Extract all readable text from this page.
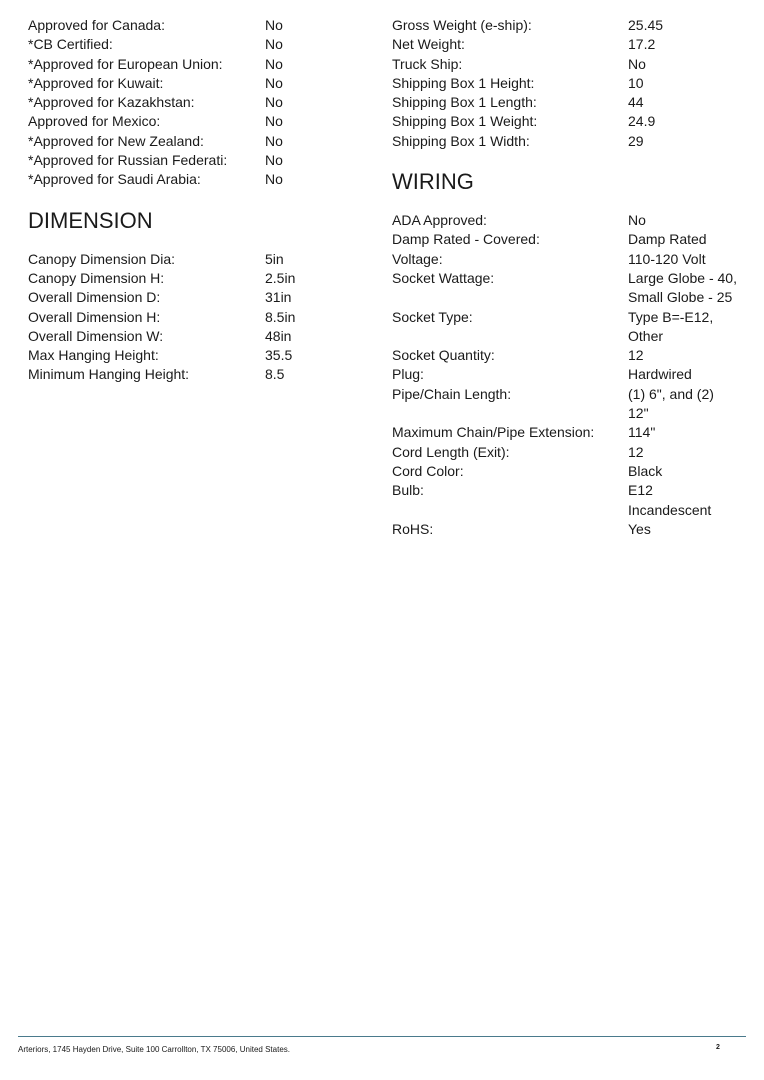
Approved for Canada:	No
*CB Certified:	No
*Approved for European Union:	No
*Approved for Kuwait:	No
*Approved for Kazakhstan:	No
Approved for Mexico:	No
*Approved for New Zealand:	No
*Approved for Russian Federati:	No
*Approved for Saudi Arabia:	No
DIMENSION
Canopy Dimension Dia:	5in
Canopy Dimension H:	2.5in
Overall Dimension D:	31in
Overall Dimension H:	8.5in
Overall Dimension W:	48in
Max Hanging Height:	35.5
Minimum Hanging Height:	8.5
Gross Weight (e-ship):	25.45
Net Weight:	17.2
Truck Ship:	No
Shipping Box 1 Height:	10
Shipping Box 1 Length:	44
Shipping Box 1 Weight:	24.9
Shipping Box 1 Width:	29
WIRING
ADA Approved:	No
Damp Rated - Covered:	Damp Rated
Voltage:	110-120 Volt
Socket Wattage:	Large Globe - 40,
Small Globe - 25
Socket Type:	Type B=-E12,
Other
Socket Quantity:	12
Plug:	Hardwired
Pipe/Chain Length:	(1) 6", and (2)
12"
Maximum Chain/Pipe Extension:	114"
Cord Length (Exit):	12
Cord Color:	Black
Bulb:	E12
Incandescent
RoHS:	Yes
Arteriors, 1745 Hayden Drive, Suite 100 Carrollton, TX 75006, United States.	2
